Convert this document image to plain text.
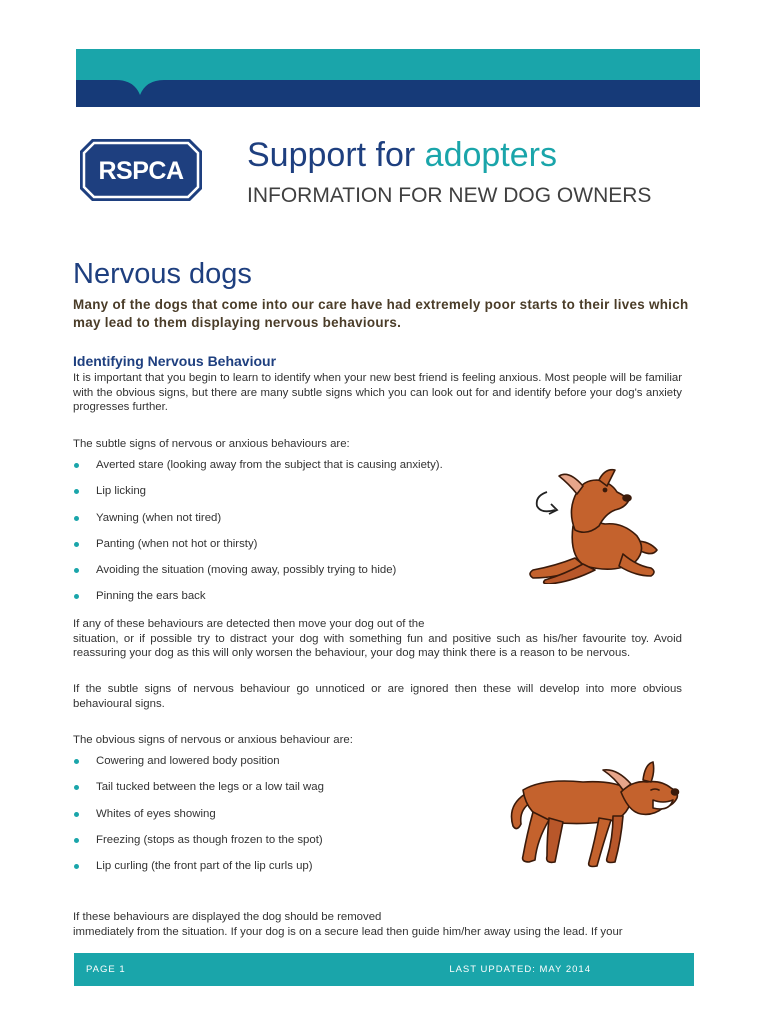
RSPCA Support for adopters
INFORMATION FOR NEW DOG OWNERS
Nervous dogs
Many of the dogs that come into our care have had extremely poor starts to their lives which may lead to them displaying nervous behaviours.
Identifying Nervous Behaviour
It is important that you begin to learn to identify when your new best friend is feeling anxious. Most people will be familiar with the obvious signs, but there are many subtle signs which you can look out for and identify before your dog's anxiety progresses further.
The subtle signs of nervous or anxious behaviours are:
Averted stare (looking away from the subject that is causing anxiety).
Lip licking
Yawning (when not tired)
Panting (when not hot or thirsty)
Avoiding the situation (moving away, possibly trying to hide)
Pinning the ears back
If any of these behaviours are detected then move your dog out of the
situation, or if possible try to distract your dog with something fun and positive such as his/her favourite toy. Avoid reassuring your dog as this will only worsen the behaviour, your dog may think there is a reason to be nervous.
If the subtle signs of nervous behaviour go unnoticed or are ignored then these will develop into more obvious behavioural signs.
The obvious signs of nervous or anxious behaviour are:
Cowering and lowered body position
Tail tucked between the legs or a low tail wag
Whites of eyes showing
Freezing (stops as though frozen to the spot)
Lip curling (the front part of the lip curls up)
If these behaviours are displayed the dog should be removed
immediately from the situation. If your dog is on a secure lead then guide him/her away using the lead. If your
PAGE 1	LAST UPDATED: MAY 2014
